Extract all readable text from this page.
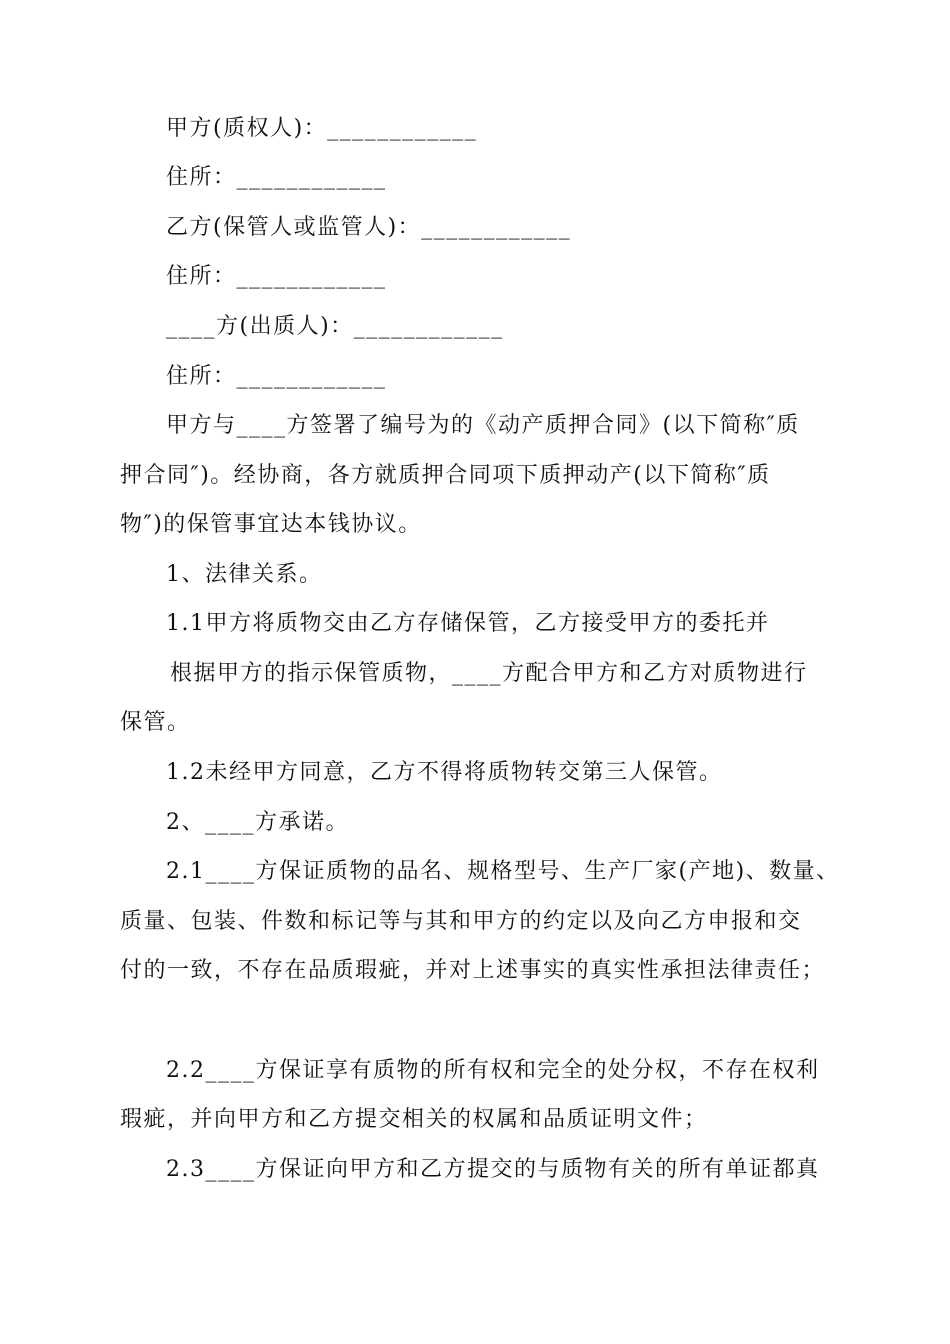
甲方(质权人)：____________
住所：____________
乙方(保管人或监管人)：____________
住所：____________
____方(出质人)：____________
住所：____________
甲方与____方签署了编号为的《动产质押合同》(以下简称″质
押合同″)。经协商，各方就质押合同项下质押动产(以下简称″质
物″)的保管事宜达本钱协议。
1、法律关系。
1.1甲方将质物交由乙方存储保管，乙方接受甲方的委托并
根据甲方的指示保管质物，____方配合甲方和乙方对质物进行
保管。
1.2未经甲方同意，乙方不得将质物转交第三人保管。
2、____方承诺。
2.1____方保证质物的品名、规格型号、生产厂家(产地)、数量、
质量、包装、件数和标记等与其和甲方的约定以及向乙方申报和交
付的一致，不存在品质瑕疵，并对上述事实的真实性承担法律责任；
2.2____方保证享有质物的所有权和完全的处分权，不存在权利
瑕疵，并向甲方和乙方提交相关的权属和品质证明文件；
2.3____方保证向甲方和乙方提交的与质物有关的所有单证都真
